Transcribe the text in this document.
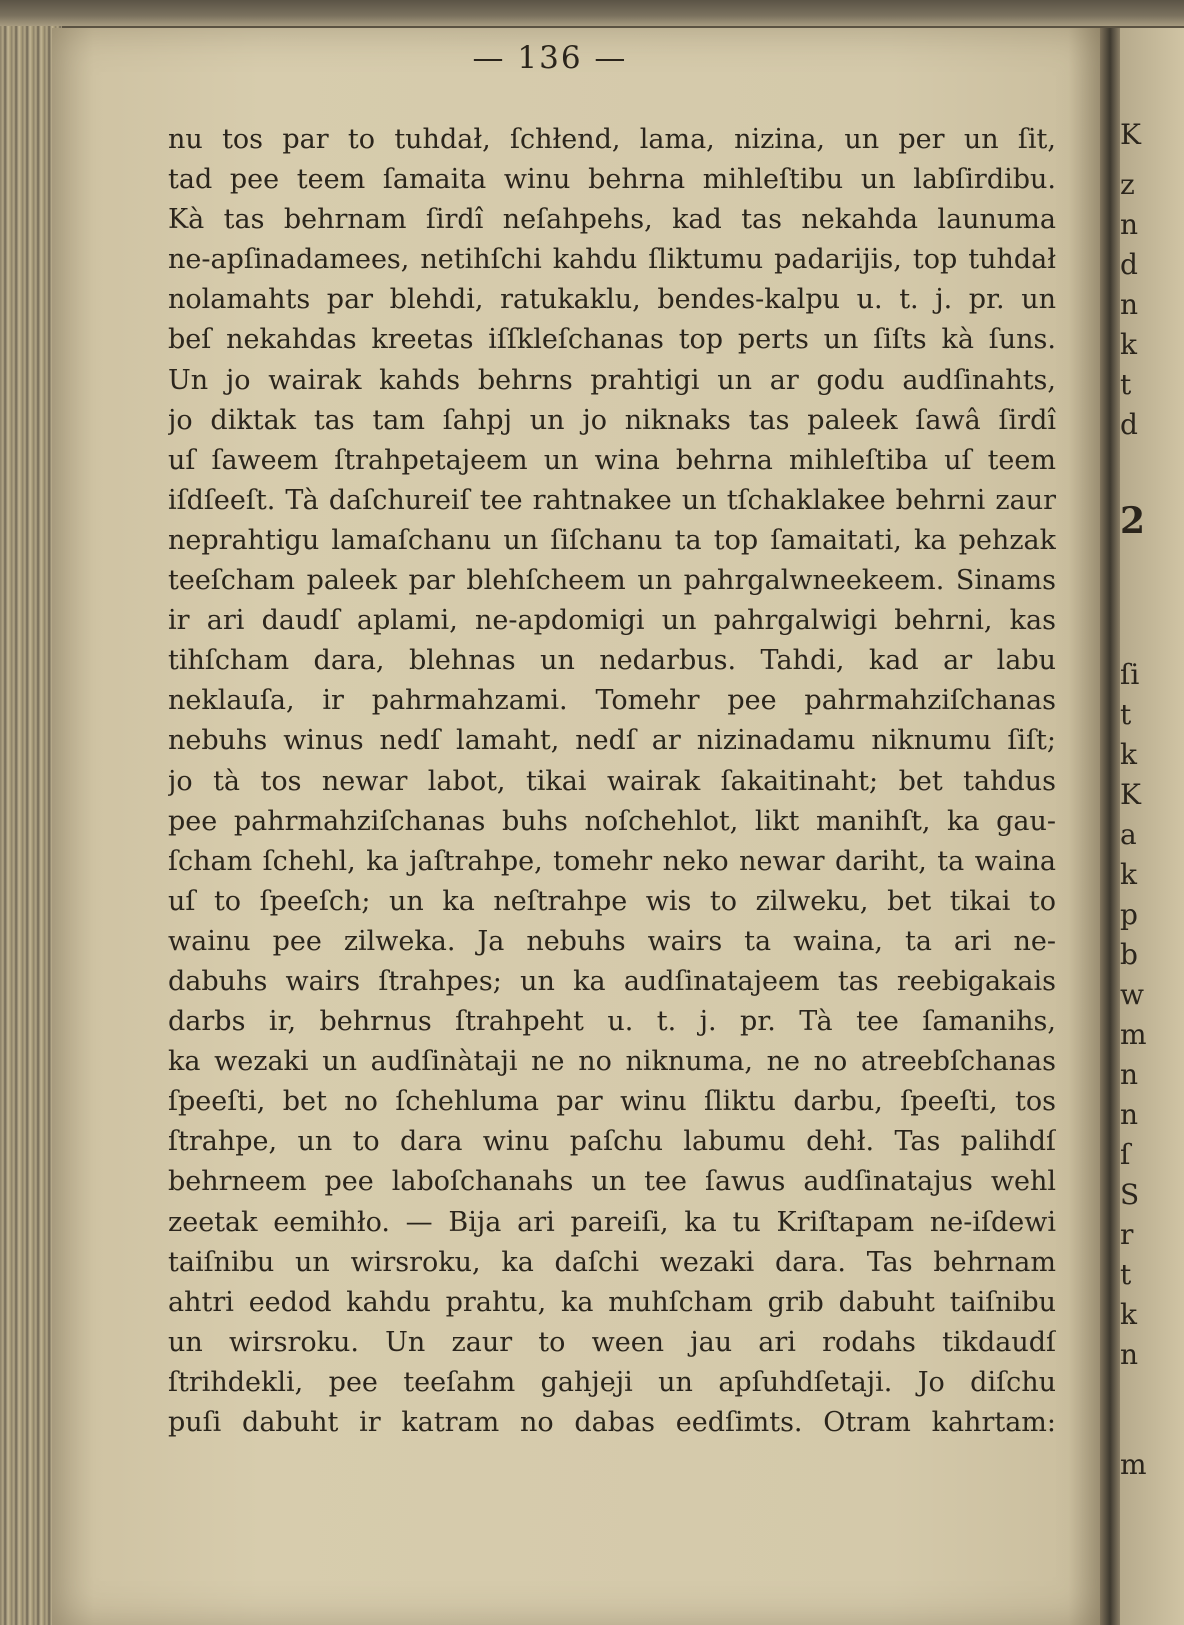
— 136 —
nu tos par to tuhdał, ſchłend, lama, nizina, un per un ſit,
tad pee teem ſamaita winu behrna mihleſtibu un labſirdibu.
Kà tas behrnam ſirdî neſahpehs, kad tas nekahda launuma
ne-apſinadamees, netihſchi kahdu ſliktumu padarijis, top tuhdał
nolamahts par blehdi, ratukaklu, bendes-kalpu u. t. j. pr. un
beſ nekahdas kreetas iſſkleſchanas top perts un ſiſts kà ſuns.
Un jo wairak kahds behrns prahtigi un ar godu audſinahts,
jo diktak tas tam ſahpj un jo niknaks tas paleek ſawâ ſirdî
uſ ſaweem ſtrahpetajeem un wina behrna mihleſtiba uſ teem
iſdſeeſt. Tà daſchureiſ tee rahtnakee un tſchaklakee behrni zaur
neprahtigu lamaſchanu un ſiſchanu ta top ſamaitati, ka pehzak
teeſcham paleek par blehſcheem un pahrgalwneekeem. Sinams
ir ari daudſ aplami, ne-apdomigi un pahrgalwigi behrni, kas
tihſcham dara, blehnas un nedarbus. Tahdi, kad ar labu
neklauſa, ir pahrmahzami. Tomehr pee pahrmahziſchanas
nebuhs winus nedſ lamaht, nedſ ar nizinadamu niknumu ſiſt;
jo tà tos newar labot, tikai wairak ſakaitinaht; bet tahdus
pee pahrmahziſchanas buhs noſchehlot, likt manihſt, ka gau-
ſcham ſchehl, ka jaſtrahpe, tomehr neko newar dariht, ta waina
uſ to ſpeeſch; un ka neſtrahpe wis to zilweku, bet tikai to
wainu pee zilweka. Ja nebuhs wairs ta waina, ta ari ne-
dabuhs wairs ſtrahpes; un ka audſinatajeem tas reebigakais
darbs ir, behrnus ſtrahpeht u. t. j. pr. Tà tee ſamanihs,
ka wezaki un audſinàtaji ne no niknuma, ne no atreebſchanas
ſpeeſti, bet no ſchehluma par winu ſliktu darbu, ſpeeſti, tos
ſtrahpe, un to dara winu paſchu labumu dehł. Tas palihdſ
behrneem pee laboſchanahs un tee ſawus audſinatajus wehl
zeetak eemihło. — Bija ari pareiſi, ka tu Kriſtapam ne-iſdewi
taiſnibu un wirsroku, ka daſchi wezaki dara. Tas behrnam
ahtri eedod kahdu prahtu, ka muhſcham grib dabuht taiſnibu
un wirsroku. Un zaur to ween jau ari rodahs tikdaudſ
ſtrihdekli, pee teeſahm gahjeji un apſuhdſetaji. Jo diſchu
puſi dabuht ir katram no dabas eedſimts. Otram kahrtam:
K
z
n
d
n
k
t
d
2
ſi
t
k
K
a
k
p
b
w
m
n
n
ſ
S
r
t
k
n
m
